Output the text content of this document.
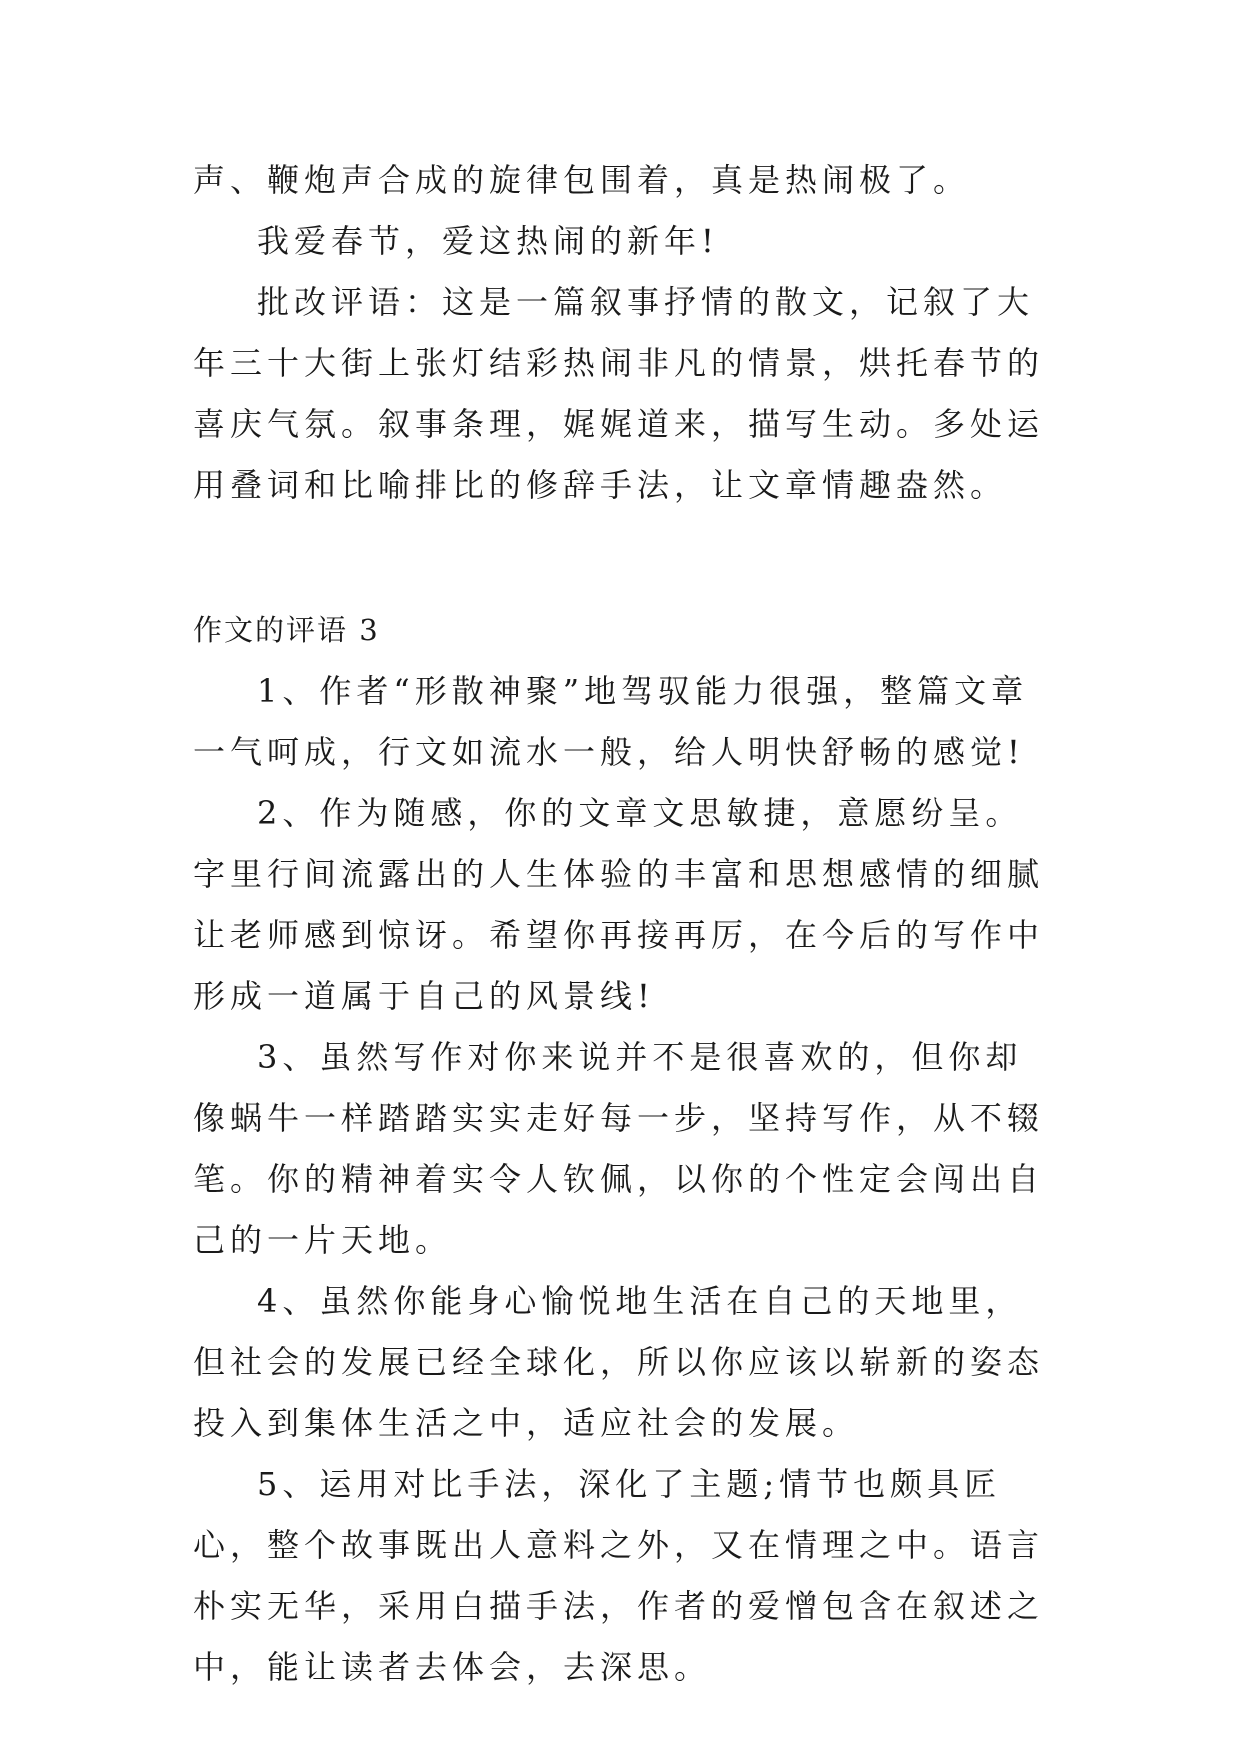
声、鞭炮声合成的旋律包围着，真是热闹极了。

我爱春节，爱这热闹的新年!

批改评语：这是一篇叙事抒情的散文，记叙了大年三十大街上张灯结彩热闹非凡的情景，烘托春节的喜庆气氛。叙事条理，娓娓道来，描写生动。多处运用叠词和比喻排比的修辞手法，让文章情趣盎然。

作文的评语 3

1、作者“形散神聚”地驾驭能力很强，整篇文章一气呵成，行文如流水一般，给人明快舒畅的感觉!

2、作为随感，你的文章文思敏捷，意愿纷呈。字里行间流露出的人生体验的丰富和思想感情的细腻让老师感到惊讶。希望你再接再厉，在今后的写作中形成一道属于自己的风景线!

3、虽然写作对你来说并不是很喜欢的，但你却像蜗牛一样踏踏实实走好每一步，坚持写作，从不辍笔。你的精神着实令人钦佩，以你的个性定会闯出自己的一片天地。

4、虽然你能身心愉悦地生活在自己的天地里，但社会的发展已经全球化，所以你应该以崭新的姿态投入到集体生活之中，适应社会的发展。

5、运用对比手法，深化了主题;情节也颇具匠心，整个故事既出人意料之外，又在情理之中。语言朴实无华，采用白描手法，作者的爱憎包含在叙述之中，能让读者去体会，去深思。
